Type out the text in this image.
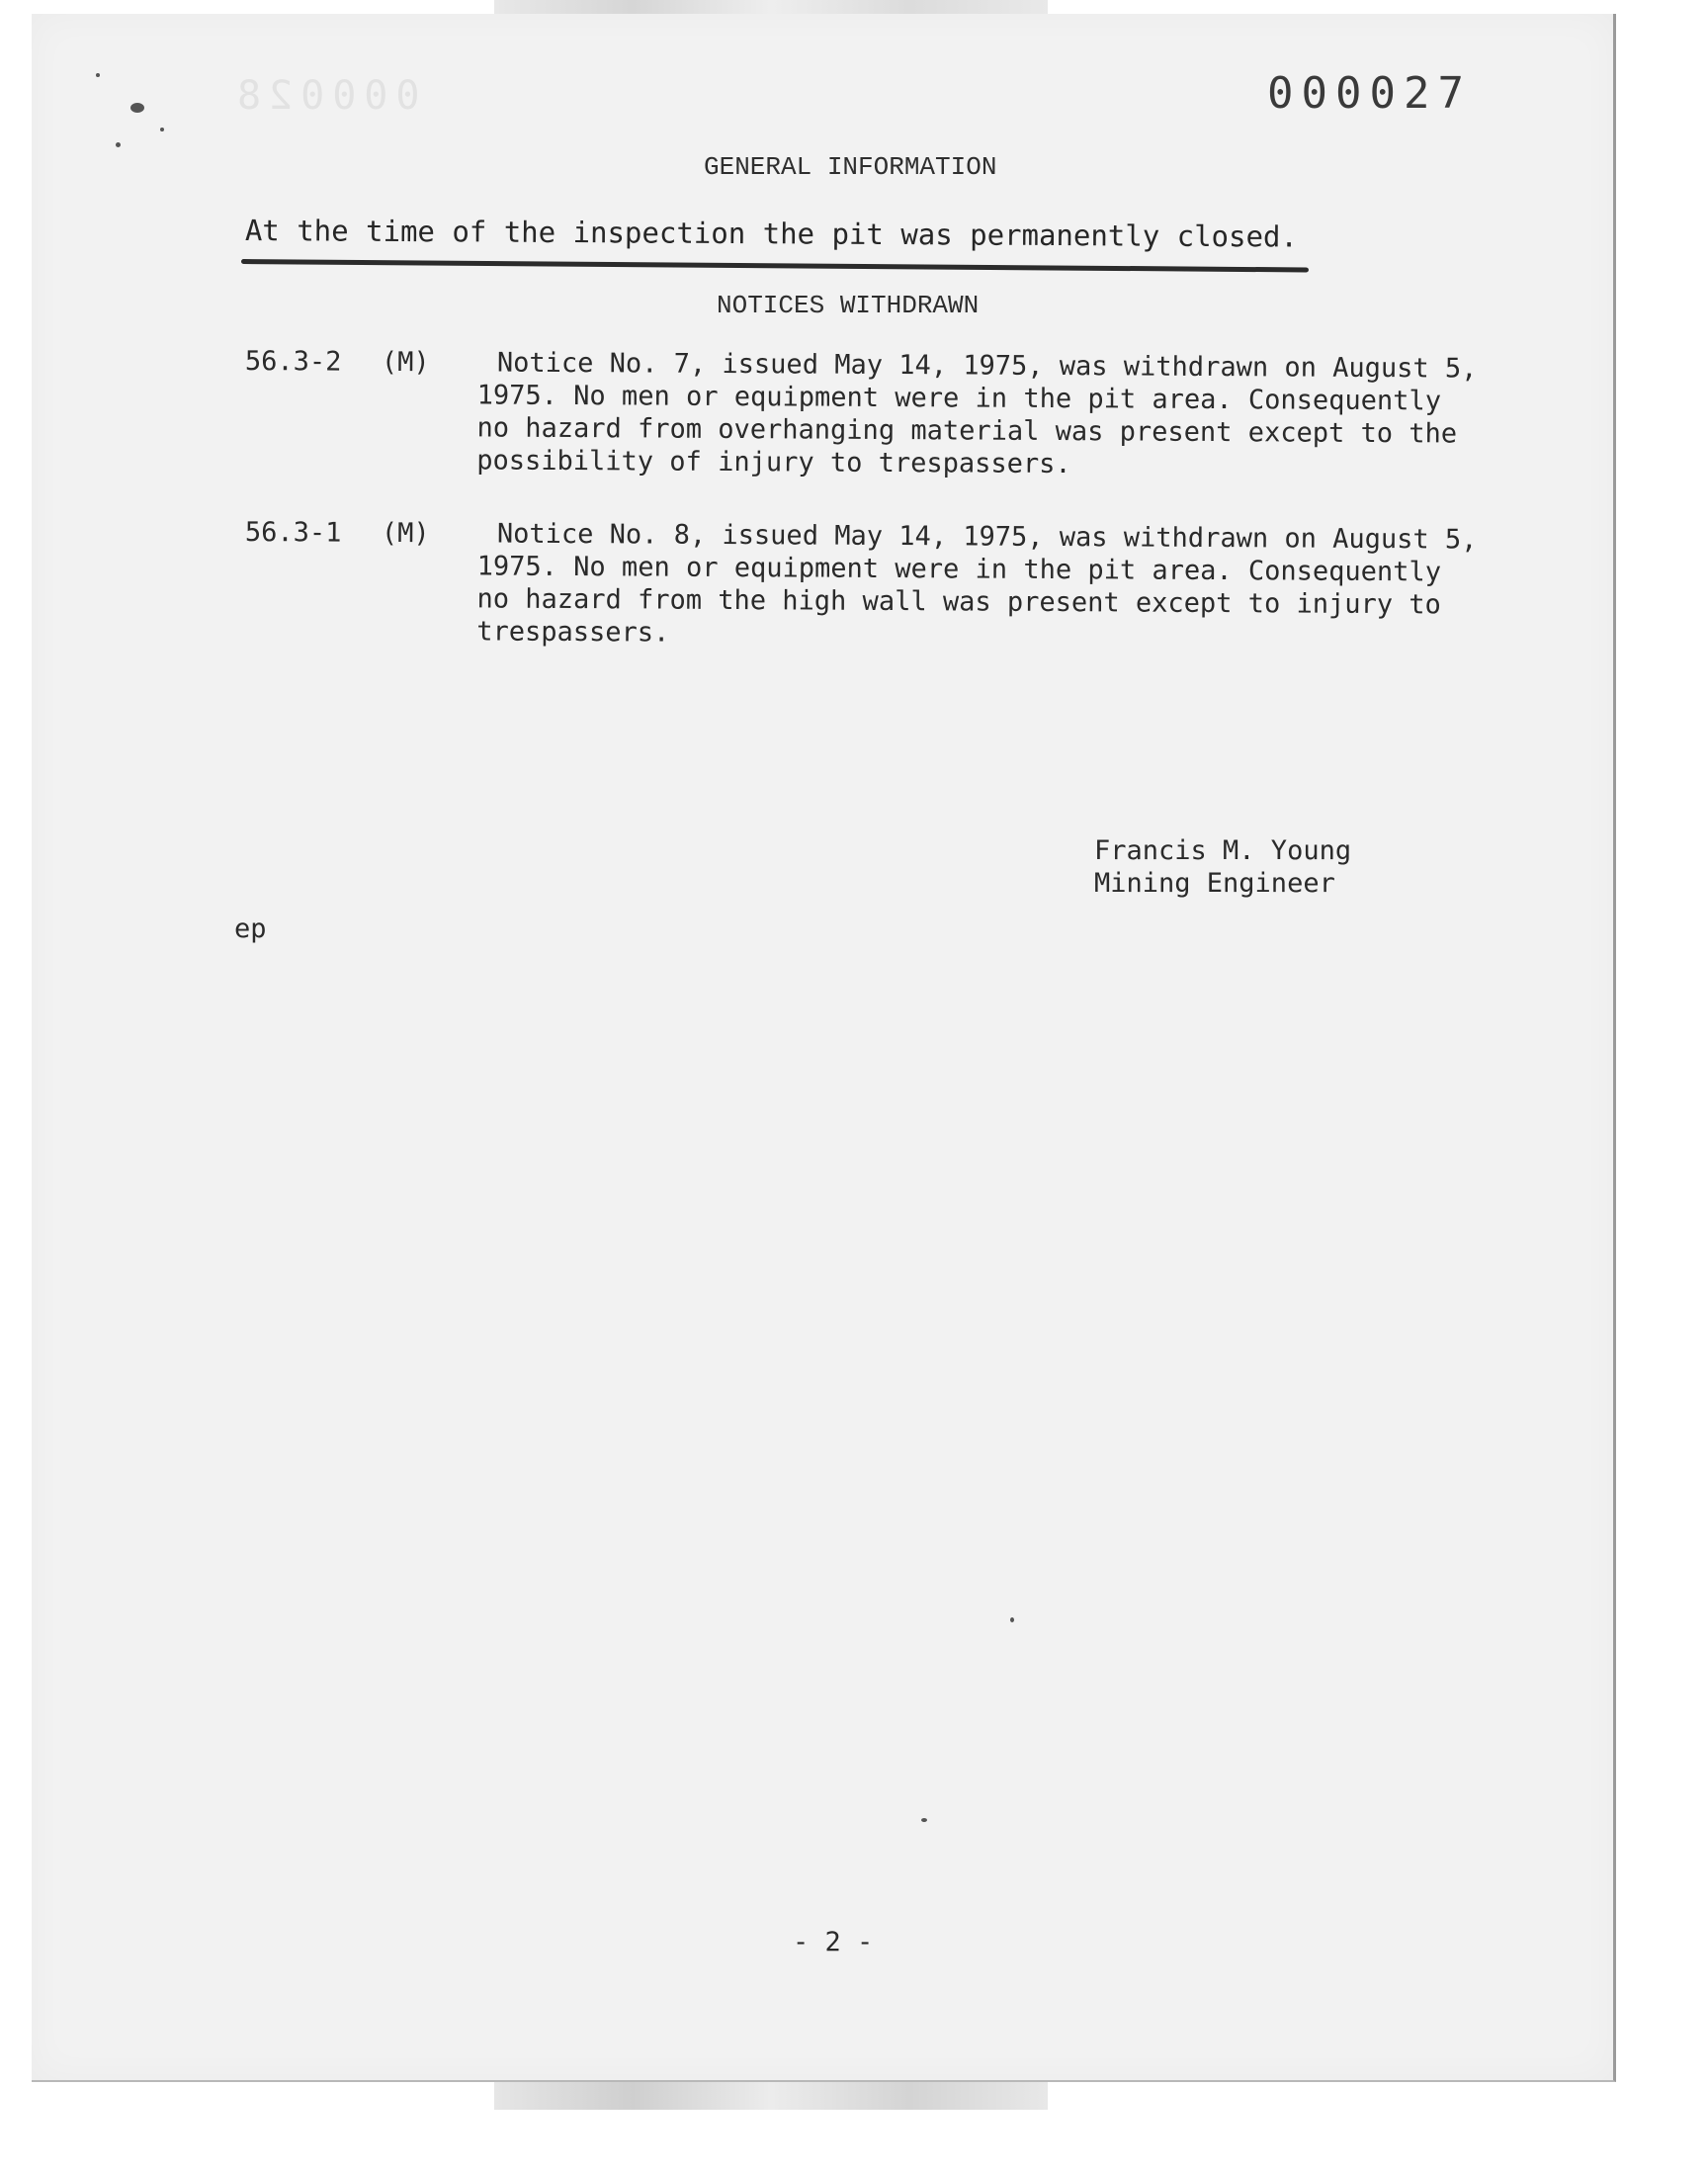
000028	000027
GENERAL INFORMATION
At the time of the inspection the pit was permanently closed.
NOTICES WITHDRAWN
56.3-2 (M)	Notice No. 7, issued May 14, 1975, was withdrawn on August 5,
1975. No men or equipment were in the pit area. Consequently
no hazard from overhanging material was present except to the
possibility of injury to trespassers.
56.3-1 (M)	Notice No. 8, issued May 14, 1975, was withdrawn on August 5,
1975. No men or equipment were in the pit area. Consequently
no hazard from the high wall was present except to injury to
trespassers.
Francis M. Young
Mining Engineer
ep
- 2 -
